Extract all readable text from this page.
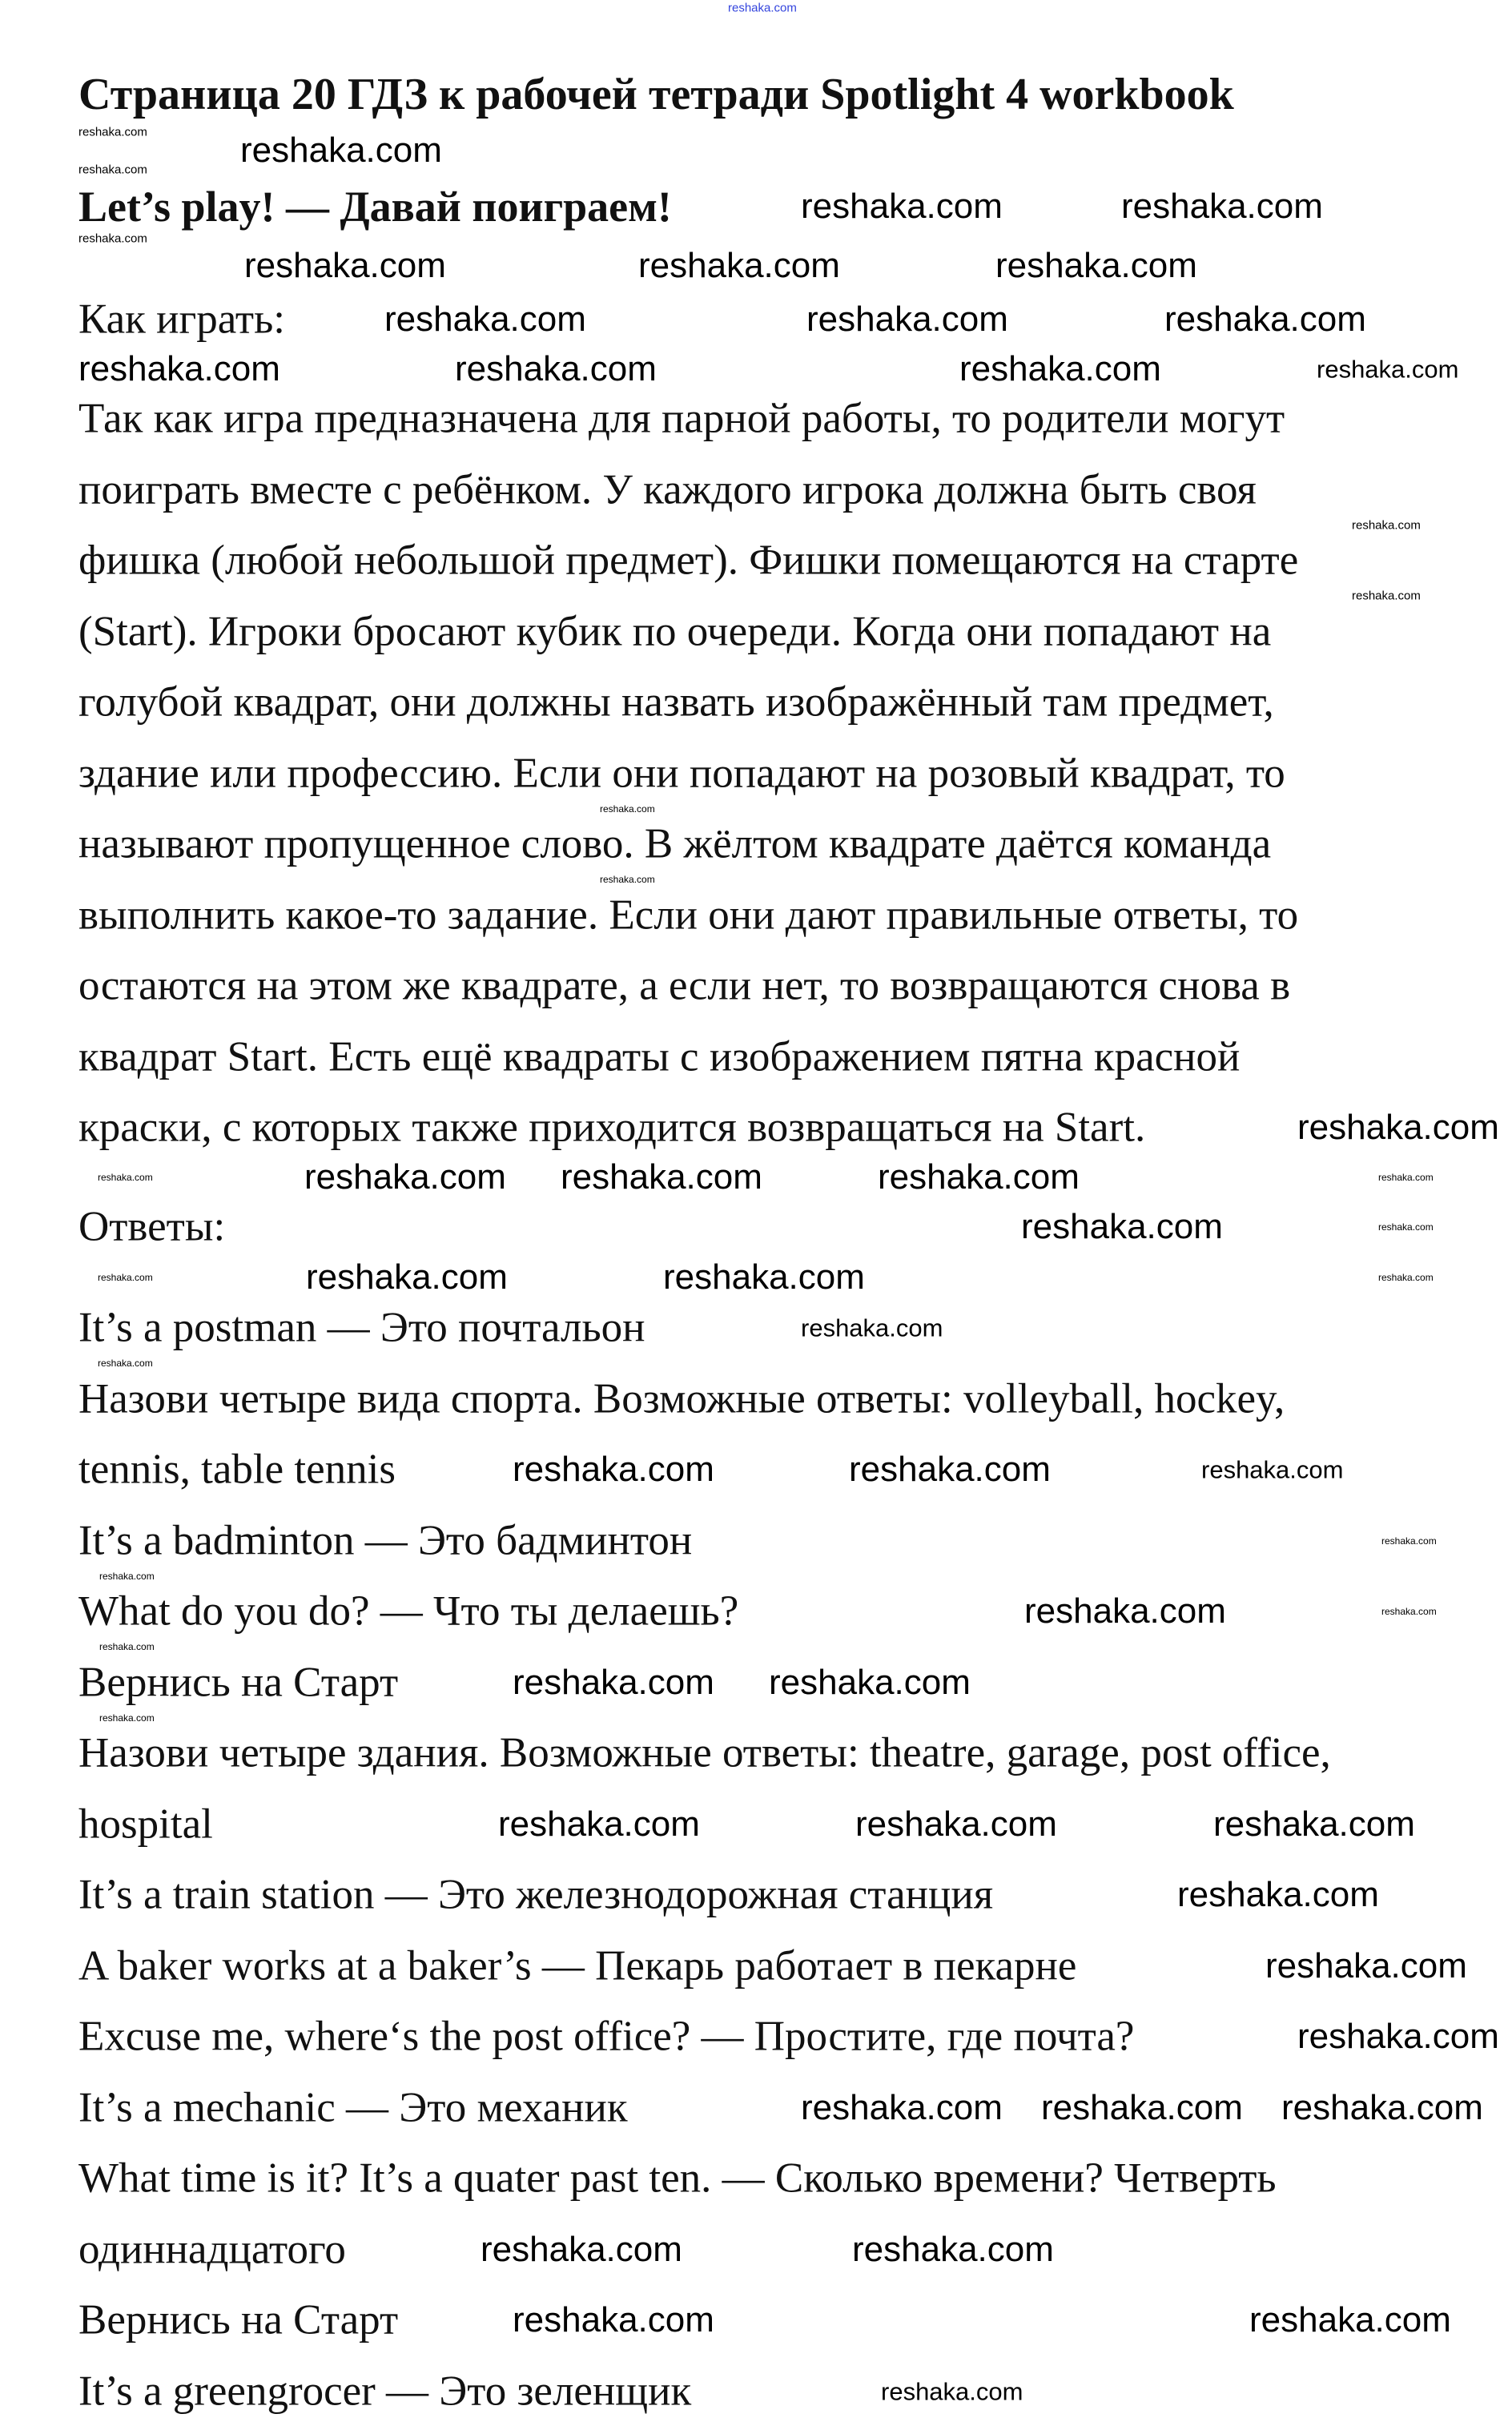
reshaka.com
Страница 20 ГДЗ к рабочей тетради Spotlight 4 workbook
Let’s play! — Давай поиграем!
Как играть:
Так как игра предназначена для парной работы, то родители могут
поиграть вместе с ребёнком. У каждого игрока должна быть своя
фишка (любой небольшой предмет). Фишки помещаются на старте
(Start). Игроки бросают кубик по очереди. Когда они попадают на
голубой квадрат, они должны назвать изображённый там предмет,
здание или профессию. Если они попадают на розовый квадрат, то
называют пропущенное слово. В жёлтом квадрате даётся команда
выполнить какое-то задание. Если они дают правильные ответы, то
остаются на этом же квадрате, а если нет, то возвращаются снова в
квадрат Start. Есть ещё квадраты с изображением пятна красной
краски, с которых также приходится возвращаться на Start.
Ответы:
It’s a postman — Это почтальон
Назови четыре вида спорта. Возможные ответы: volleyball, hockey,
tennis, table tennis
It’s a badminton — Это бадминтон
What do you do? — Что ты делаешь?
Вернись на Старт
Назови четыре здания. Возможные ответы: theatre, garage, post office,
hospital
It’s a train station — Это железнодорожная станция
A baker works at a baker’s — Пекарь работает в пекарне
Excuse me, where‘s the post office? — Простите, где почта?
It’s a mechanic — Это механик
What time is it? It’s a quater past ten. — Сколько времени? Четверть
одиннадцатого
Вернись на Старт
It’s a greengrocer — Это зеленщик
reshaka.com
reshaka.com
reshaka.com
reshaka.com
reshaka.com	reshaka.com
reshaka.com	reshaka.com	reshaka.com	reshaka.com
reshaka.com	reshaka.com	reshaka.com
reshaka.com	reshaka.com	reshaka.com
reshaka.com
reshaka.com
reshaka.com
reshaka.com
reshaka.com
reshaka.com reshaka.com	reshaka.com
reshaka.com
reshaka.com
reshaka.com
reshaka.com
reshaka.com	reshaka.com
reshaka.com
reshaka.com
reshaka.com
reshaka.com
reshaka.com	reshaka.com	reshaka.com
reshaka.com
reshaka.com
reshaka.com
reshaka.com
reshaka.com
reshaka.com
reshaka.com reshaka.com
reshaka.com
reshaka.com	reshaka.com
reshaka.com
reshaka.com
reshaka.com
reshaka.com reshaka.com reshaka.com
reshaka.com
reshaka.com	reshaka.com
reshaka.com
reshaka.com
